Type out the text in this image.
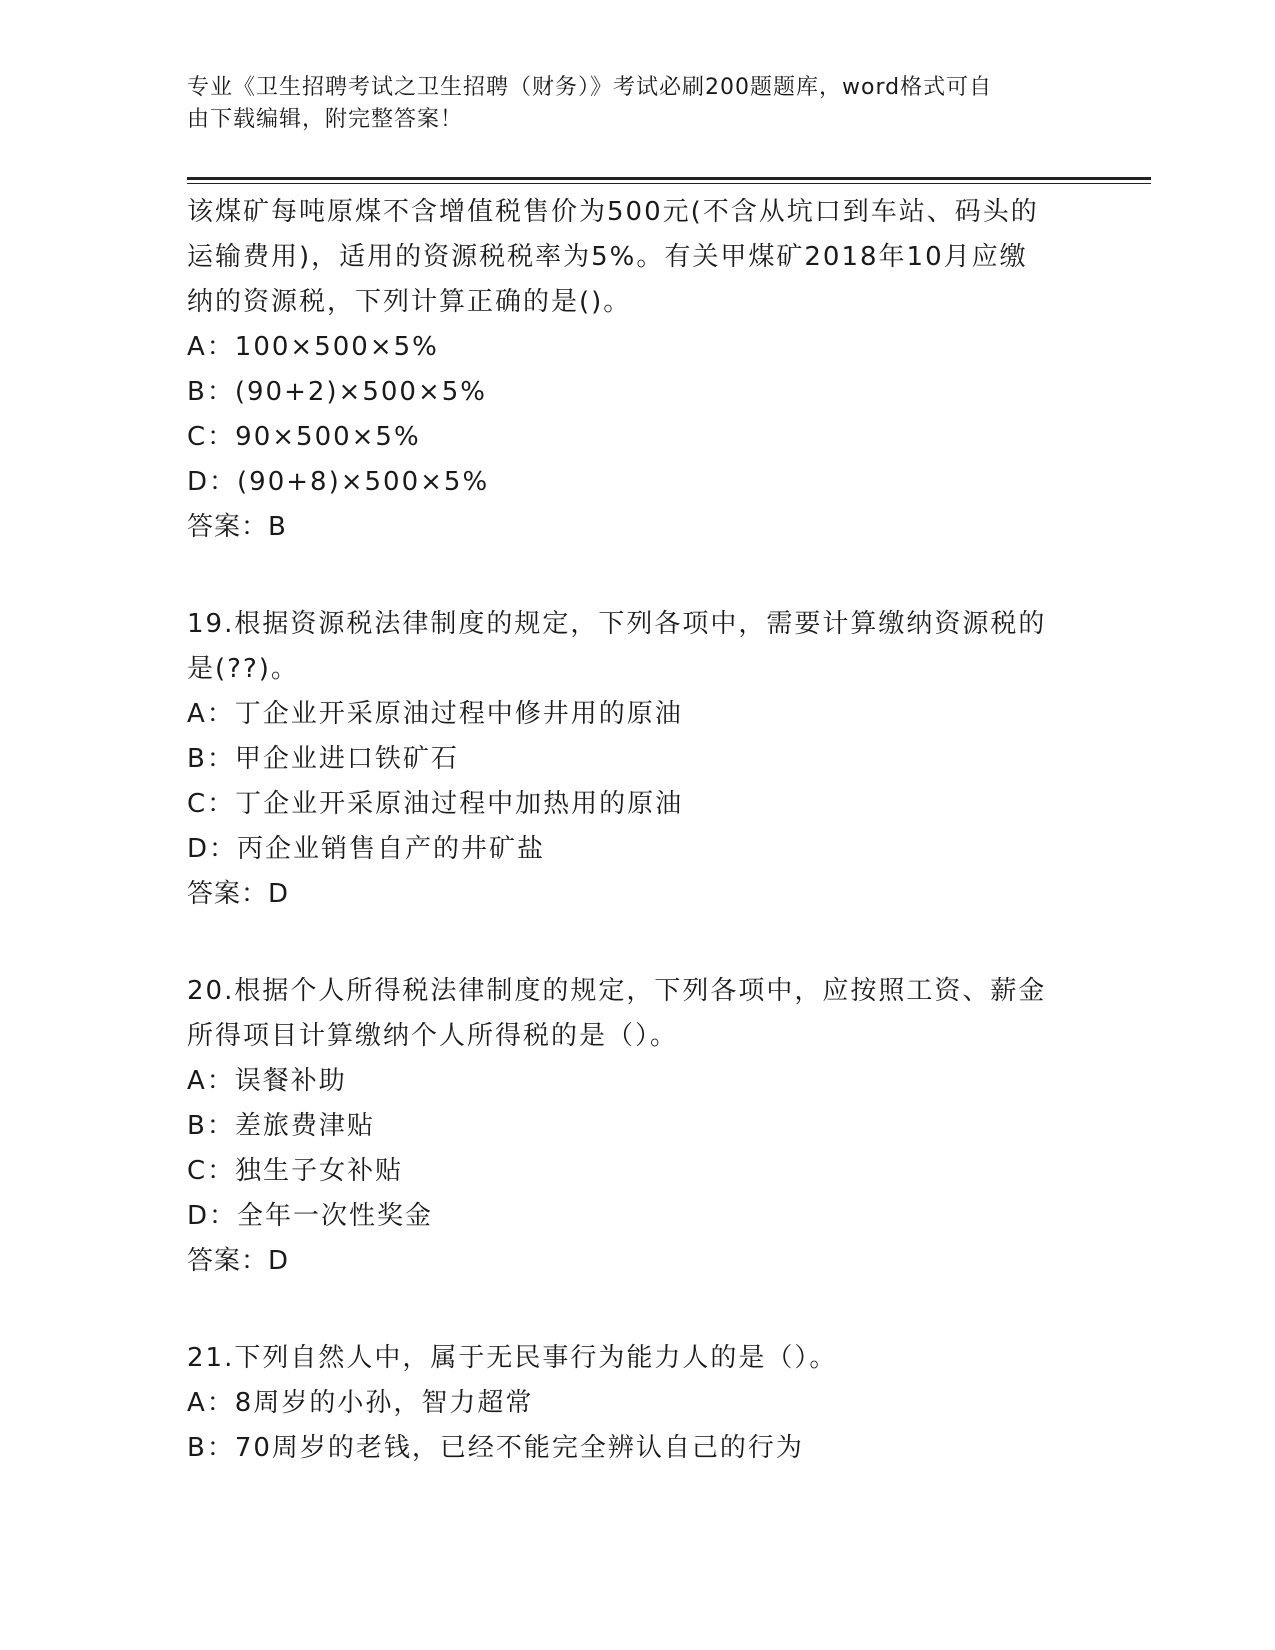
专业《卫生招聘考试之卫生招聘（财务）》考试必刷200题题库，word格式可自
由下载编辑，附完整答案！
该煤矿每吨原煤不含增值税售价为500元(不含从坑口到车站、码头的
运输费用)，适用的资源税税率为5%。有关甲煤矿2018年10月应缴
纳的资源税，下列计算正确的是()。
A：100×500×5%
B：(90+2)×500×5%
C：90×500×5%
D：(90+8)×500×5%
答案：B
19.根据资源税法律制度的规定，下列各项中，需要计算缴纳资源税的
是(??)。
A：丁企业开采原油过程中修井用的原油
B：甲企业进口铁矿石
C：丁企业开采原油过程中加热用的原油
D：丙企业销售自产的井矿盐
答案：D
20.根据个人所得税法律制度的规定，下列各项中，应按照工资、薪金
所得项目计算缴纳个人所得税的是（）。
A：误餐补助
B：差旅费津贴
C：独生子女补贴
D：全年一次性奖金
答案：D
21.下列自然人中，属于无民事行为能力人的是（）。
A：8周岁的小孙，智力超常
B：70周岁的老钱，已经不能完全辨认自己的行为
